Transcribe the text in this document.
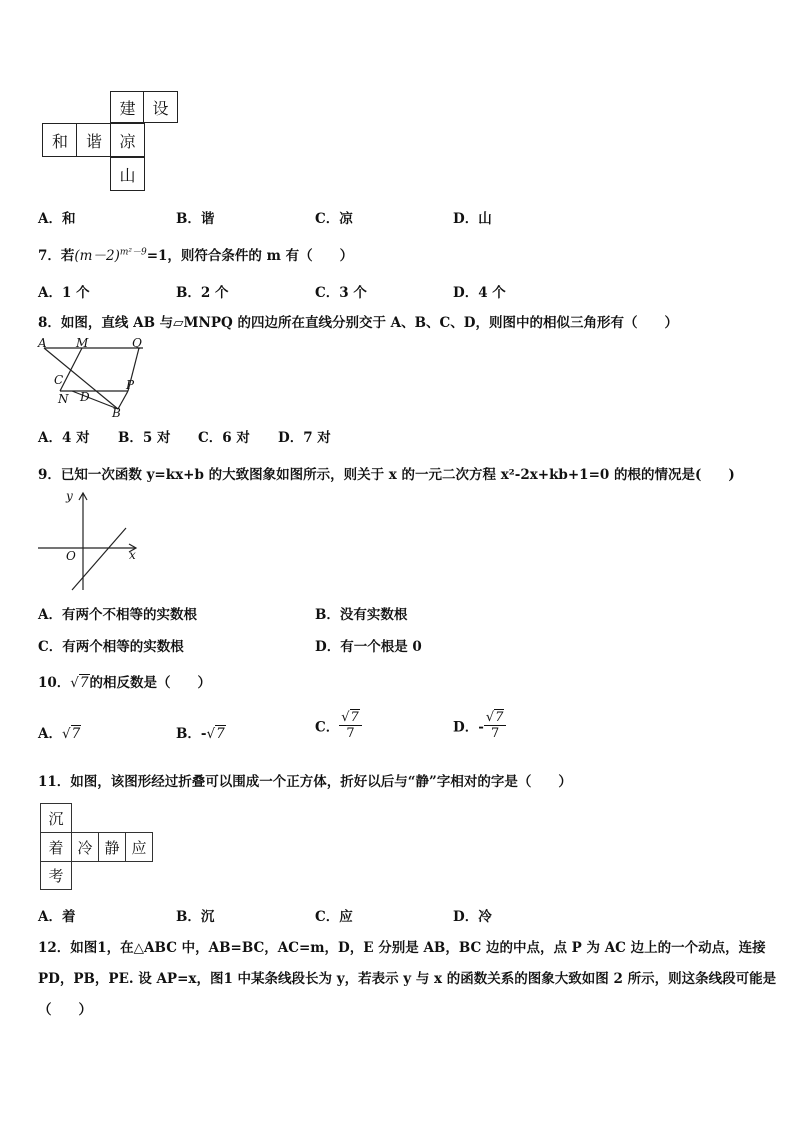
建	设
和	谐	凉
山
A．和	B．谐	C．凉	D．山
7．若$(m-2)^{m^2-9}=1$，则符合条件的 m 有（　　）
A．1 个	B．2 个	C．3 个	D．4 个
8．如图，直线 AB 与▱MNPQ 的四边所在直线分别交于 A、B、C、D，则图中的相似三角形有（　　）
A M	Q
C	P
N D
B
A．4 对 B．5 对 C．6 对 D．7 对
9．已知一次函数 y=kx+b 的大致图象如图所示，则关于 x 的一元二次方程 x²-2x+kb+1=0 的根的情况是(　　)
y
O	x
A．有两个不相等的实数根	B．没有实数根
C．有两个相等的实数根	D．有一个根是 0
10．√7的相反数是（　　）
A．√7	B．-√7	C． $\frac{√7}{7}$	D．- $\frac{√7}{7}$
11．如图，该图形经过折叠可以围成一个正方体，折好以后与“静”字相对的字是（　　）
沉
着 冷 静 应
考
A．着	B．沉	C．应	D．冷
12．如图1，在△ABC 中，AB=BC，AC=m，D，E 分别是 AB，BC 边的中点，点 P 为 AC 边上的一个动点，连接
PD，PB，PE. 设 AP=x，图1 中某条线段长为 y，若表示 y 与 x 的函数关系的图象大致如图 2 所示，则这条线段可能是
（　　）
